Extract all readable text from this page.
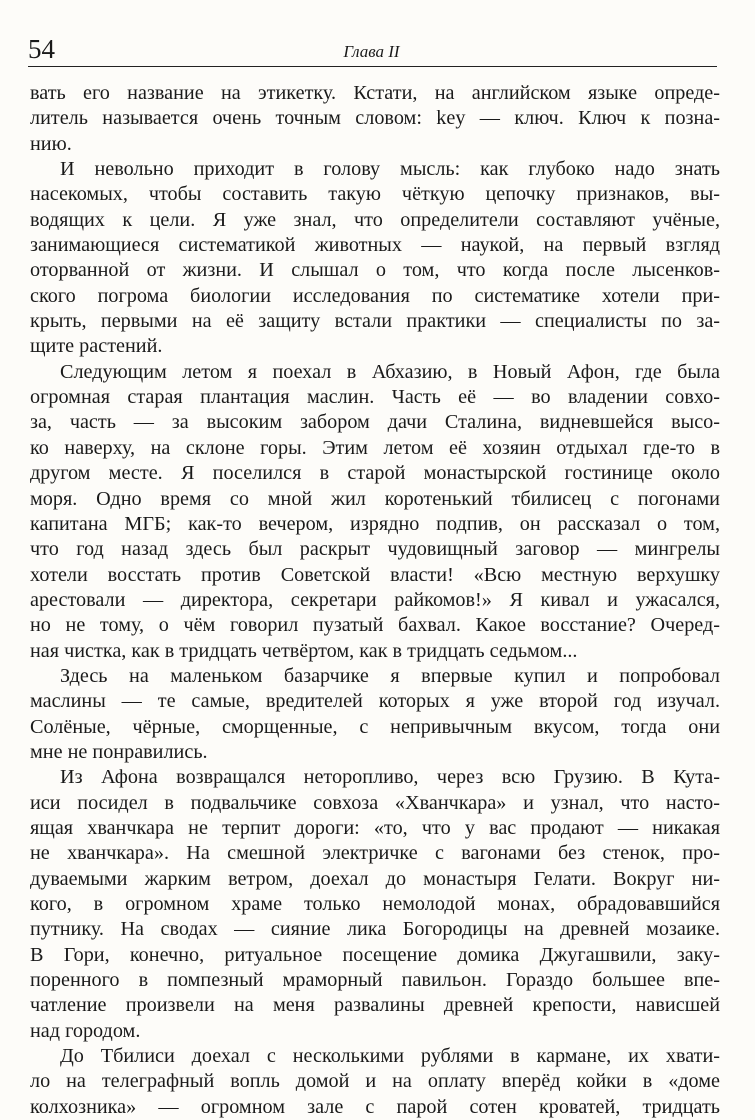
54	Глава II
вать его название на этикетку. Кстати, на английском языке опреде-
литель называется очень точным словом: key — ключ. Ключ к позна-
нию.
И невольно приходит в голову мысль: как глубоко надо знать
насекомых, чтобы составить такую чёткую цепочку признаков, вы-
водящих к цели. Я уже знал, что определители составляют учёные,
занимающиеся систематикой животных — наукой, на первый взгляд
оторванной от жизни. И слышал о том, что когда после лысенков-
ского погрома биологии исследования по систематике хотели при-
крыть, первыми на её защиту встали практики — специалисты по за-
щите растений.
Следующим летом я поехал в Абхазию, в Новый Афон, где была
огромная старая плантация маслин. Часть её — во владении совхо-
за, часть — за высоким забором дачи Сталина, видневшейся высо-
ко наверху, на склоне горы. Этим летом её хозяин отдыхал где-то в
другом месте. Я поселился в старой монастырской гостинице около
моря. Одно время со мной жил коротенький тбилисец с погонами
капитана МГБ; как-то вечером, изрядно подпив, он рассказал о том,
что год назад здесь был раскрыт чудовищный заговор — мингрелы
хотели восстать против Советской власти! «Всю местную верхушку
арестовали — директора, секретари райкомов!» Я кивал и ужасался,
но не тому, о чём говорил пузатый бахвал. Какое восстание? Очеред-
ная чистка, как в тридцать четвёртом, как в тридцать седьмом...
Здесь на маленьком базарчике я впервые купил и попробовал
маслины — те самые, вредителей которых я уже второй год изучал.
Солёные, чёрные, сморщенные, с непривычным вкусом, тогда они
мне не понравились.
Из Афона возвращался неторопливо, через всю Грузию. В Кута-
иси посидел в подвальчике совхоза «Хванчкара» и узнал, что насто-
ящая хванчкара не терпит дороги: «то, что у вас продают — никакая
не хванчкара». На смешной электричке с вагонами без стенок, про-
дуваемыми жарким ветром, доехал до монастыря Гелати. Вокруг ни-
кого, в огромном храме только немолодой монах, обрадовавшийся
путнику. На сводах — сияние лика Богородицы на древней мозаике.
В Гори, конечно, ритуальное посещение домика Джугашвили, заку-
поренного в помпезный мраморный павильон. Гораздо большее впе-
чатление произвели на меня развалины древней крепости, нависшей
над городом.
До Тбилиси доехал с несколькими рублями в кармане, их хвати-
ло на телеграфный вопль домой и на оплату вперёд койки в «доме
колхозника» — огромном зале с парой сотен кроватей, тридцать
